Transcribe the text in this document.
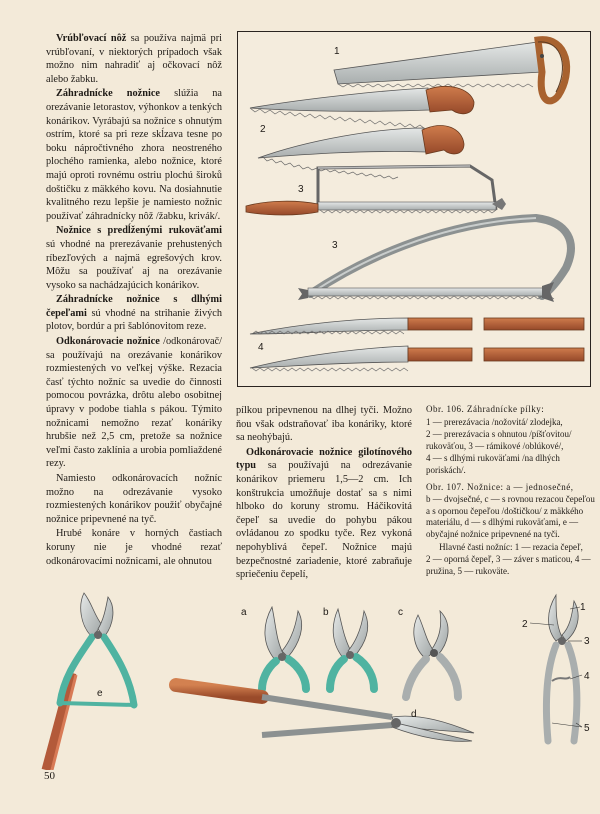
Vrúbľovací nôž sa používa najmä pri vrúbľovaní, v niektorých prípadoch však možno nim nahradiť aj očkovací nôž alebo žabku.

Záhradnícke nožnice slúžia na orezávanie letorastov, výhonkov a tenkých konárikov. Vyrábajú sa nožnice s ohnutým ostrím, ktoré sa pri reze skĺzava tesne po boku nápročtivného zhora neostreného plochého ramienka, alebo nožnice, ktoré majú oproti rovnému ostriu plochú široků doštičku z mäkkého kovu. Na dosiahnutie kvalitného rezu lepšie je namiesto nožnic používať záhradnícky nôž /žabku, krivák/.

Nožnice s predĺženými rukoväťami sú vhodné na prerezávanie prehustených ríbezľových a najmä egrešových krov. Môžu sa používať aj na orezávanie vysoko sa nachádzajúcich konárikov.

Záhradnícke nožnice s dlhými čepeľami sú vhodné na strihanie živých plotov, bordúr a pri šablónovitom reze.

Odkonárovacie nožnice /odkonárovač/ sa používajú na orezávanie konárikov rozmiestených vo veľkej výške. Rezacia časť týchto nožníc sa uvedie do činnosti pomocou povrázka, drôtu alebo osobitnej úpravy v podobe tiahla s pákou. Týmito nožnicami nemožno rezať konáriky hrubšie než 2,5 cm, pretože sa nožnice veľmi často zaklínia a urobia pomliaždené rezy.

Namiesto odkonárovacích nožníc možno na odrezávanie vysoko rozmiestených konárikov použiť obyčajné nožnice pripevnené na tyč.

Hrubé konáre v horných častiach koruny nie je vhodné rezať odkonárovacími nožnicami, ale ohnutou

1
2
3
3
4

pílkou pripevnenou na dlhej tyči. Možno ňou však odstraňovať iba konáriky, ktoré sa neohýbajú.

Odkonárovacie nožnice gilotínového typu sa používajú na odrezávanie konárikov priemeru 1,5—2 cm. Ich konštrukcia umožňuje dostať sa s nimi hlboko do koruny stromu. Háčikovitá čepeľ sa uvedie do pohybu pákou ovládanou zo spodku tyče. Rez vykoná nepohyblivá čepeľ. Nožnice majú bezpečnostné zariadenie, ktoré zabraňuje spriečeniu čepelí,

Obr. 106. Záhradnícke pílky:

1 — prerezávacia /nožovitá/ zlodejka,

2 — prerezávacia s ohnutou /píšťovitou/ rukoväťou, 3 — rámikové /oblúkové/,

4 — s dlhými rukoväťami /na dlhých poriskách/.

Obr. 107. Nožnice: a — jednosečné,

b — dvojsečné, c — s rovnou rezacou čepeľou a s opornou čepeľou /doštičkou/ z mäkkého materiálu, d — s dlhými rukoväťami, e — obyčajné nožnice pripevnené na tyči.

Hlavné časti nožníc: 1 — rezacia čepeľ,

2 — oporná čepeľ, 3 — záver s maticou, 4 — pružina, 5 — rukoväte.

a	b	c
d
e
1
2
3
4
5
50
